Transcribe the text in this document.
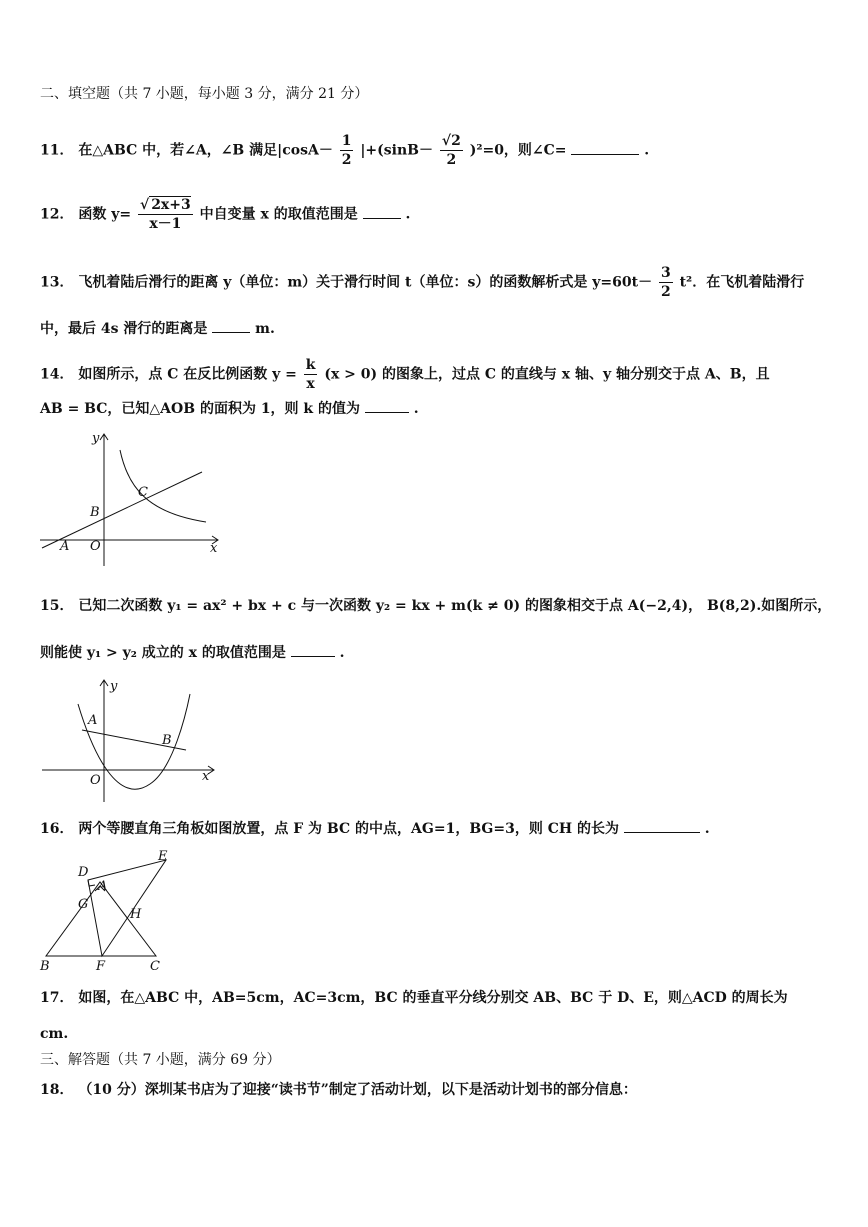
二、填空题（共 7 小题，每小题 3 分，满分 21 分）
11． 在△ABC 中，若∠A，∠B 满足$|\cos A- \frac{1}{2} |+(\sin B- \frac{√2}{2} )^2=0$，则∠C=	.
12． 函数 $y= \frac{√ 2x+3}{x-1}$ 中自变量 x 的取值范围是	.
13． 飞机着陆后滑行的距离 y（单位：m）关于滑行时间 t（单位：s）的函数解析式是 $y=60t- \frac{3}{2} t^2$．在飞机着陆滑行
中，最后 4s 滑行的距离是	m.
14． 如图所示，点 C 在反比例函数 $y = \frac{k}{x} (x > 0)$ 的图象上，过点 C 的直线与 x 轴、y 轴分别交于点 A、B，且
AB = BC，已知△AOB 的面积为 1，则 k 的值为	.
y
x
C
B
A O
15． 已知二次函数 y₁ = ax² + bx + c 与一次函数 y₂ = kx + m(k ≠ 0) 的图象相交于点 A(−2,4)， B(8,2).如图所示，
则能使 y₁ > y₂ 成立的 x 的取值范围是	.
y
x
A
B
O
16． 两个等腰直角三角板如图放置，点 F 为 BC 的中点，AG=1，BG=3，则 CH 的长为	.
D
E
A
G
H
B	F	C
17． 如图，在△ABC 中，AB=5cm，AC=3cm，BC 的垂直平分线分别交 AB、BC 于 D、E，则△ACD 的周长为
cm.
三、解答题（共 7 小题，满分 69 分）
18． （10 分）深圳某书店为了迎接“读书节”制定了活动计划，以下是活动计划书的部分信息：
